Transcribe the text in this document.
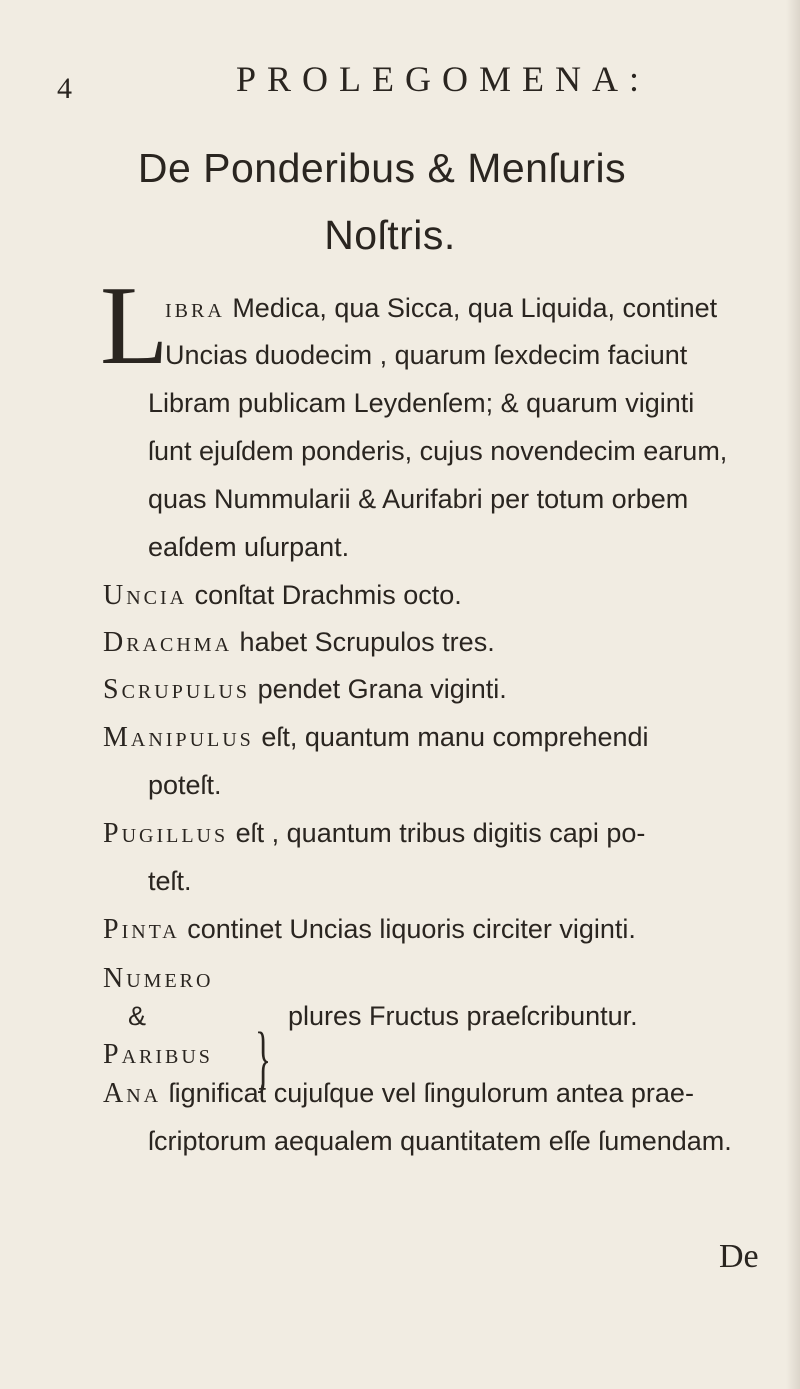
4	PROLEGOMENA:
De Ponderibus & Menſuris
Noſtris.
L
IBRA Medica, qua Sicca, qua Liquida, continet
Uncias duodecim , quarum ſexdecim faciunt
Libram publicam Leydenſem; & quarum viginti
ſunt ejuſdem ponderis, cujus novendecim earum,
quas Nummularii & Aurifabri per totum orbem
eaſdem uſurpant.
UNCIA conſtat Drachmis octo.
DRACHMA habet Scrupulos tres.
SCRUPULUS pendet Grana viginti.
MANIPULUS eſt, quantum manu comprehendi
poteſt.
PUGILLUS eſt , quantum tribus digitis capi po-
teſt.
PINTA continet Uncias liquoris circiter viginti.
NUMERO
&
}
plures Fructus praeſcribuntur.
PARIBUS
ANA ſignificat cujuſque vel ſingulorum antea prae-
ſcriptorum aequalem quantitatem eſſe ſumendam.
De
